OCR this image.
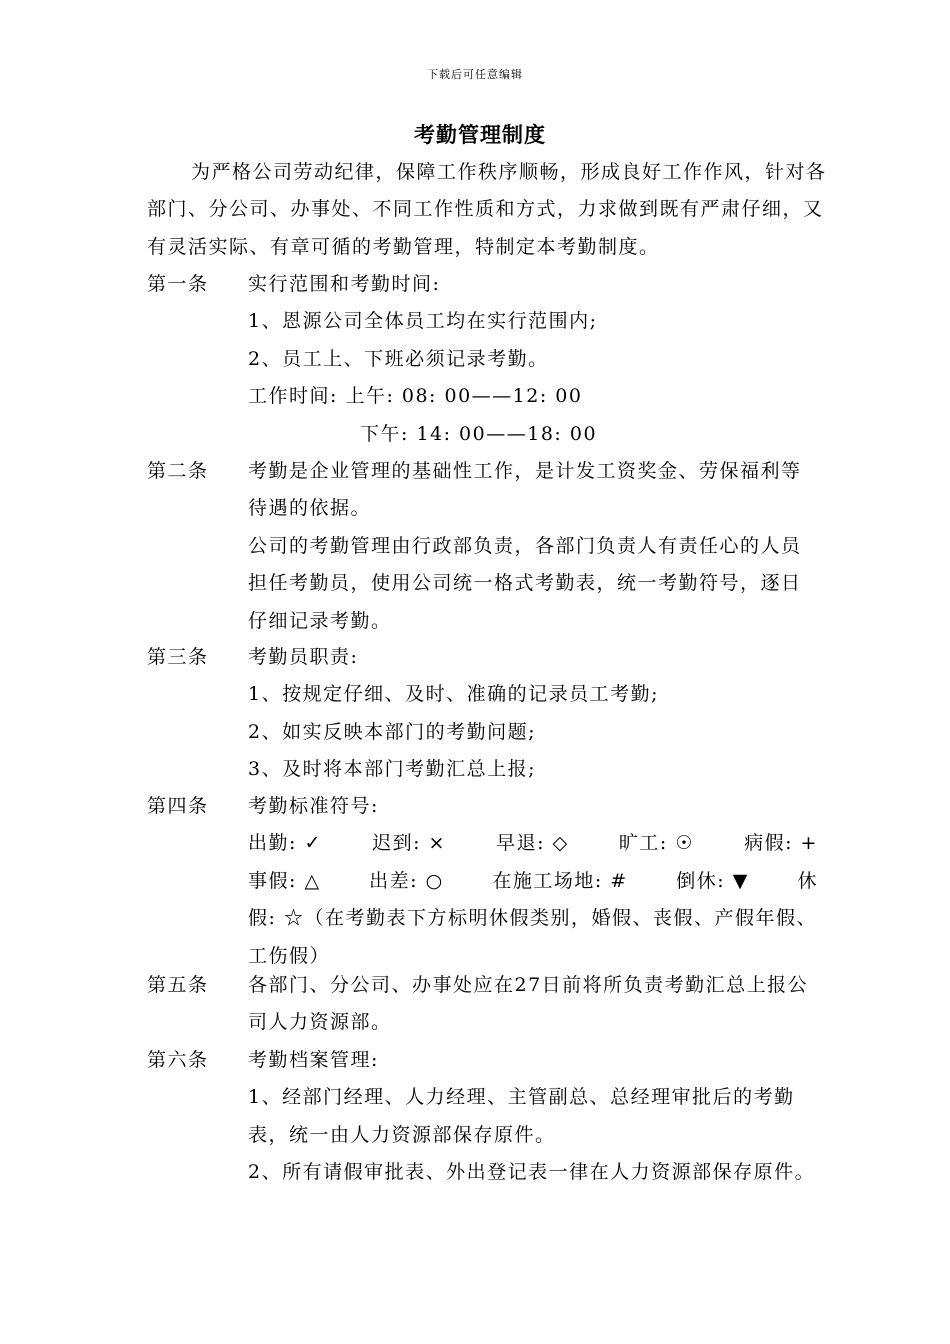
下载后可任意编辑
考勤管理制度
为严格公司劳动纪律，保障工作秩序顺畅，形成良好工作作风，针对各部门、分公司、办事处、不同工作性质和方式，力求做到既有严肃仔细，又有灵活实际、有章可循的考勤管理，特制定本考勤制度。
第一条	实行范围和考勤时间:
1、恩源公司全体员工均在实行范围内;
2、员工上、下班必须记录考勤。
工作时间: 上午: 08: 00——12: 00
下午: 14: 00——18: 00
第二条	考勤是企业管理的基础性工作，是计发工资奖金、劳保福利等待遇的依据。
公司的考勤管理由行政部负责，各部门负责人有责任心的人员担任考勤员，使用公司统一格式考勤表，统一考勤符号，逐日仔细记录考勤。
第三条	考勤员职责:
1、按规定仔细、及时、准确的记录员工考勤;
2、如实反映本部门的考勤问题;
3、及时将本部门考勤汇总上报;
第四条	考勤标准符号:
出勤: ✓	迟到: ×	早退: ◇	旷工: ☉	病假: +
事假: △	出差: ○	在施工场地: #	倒休: ▼	休
假: ☆（在考勤表下方标明休假类别，婚假、丧假、产假年假、工伤假）
第五条	各部门、分公司、办事处应在27日前将所负责考勤汇总上报公司人力资源部。
第六条	考勤档案管理:
1、经部门经理、人力经理、主管副总、总经理审批后的考勤表，统一由人力资源部保存原件。
2、所有请假审批表、外出登记表一律在人力资源部保存原件。
